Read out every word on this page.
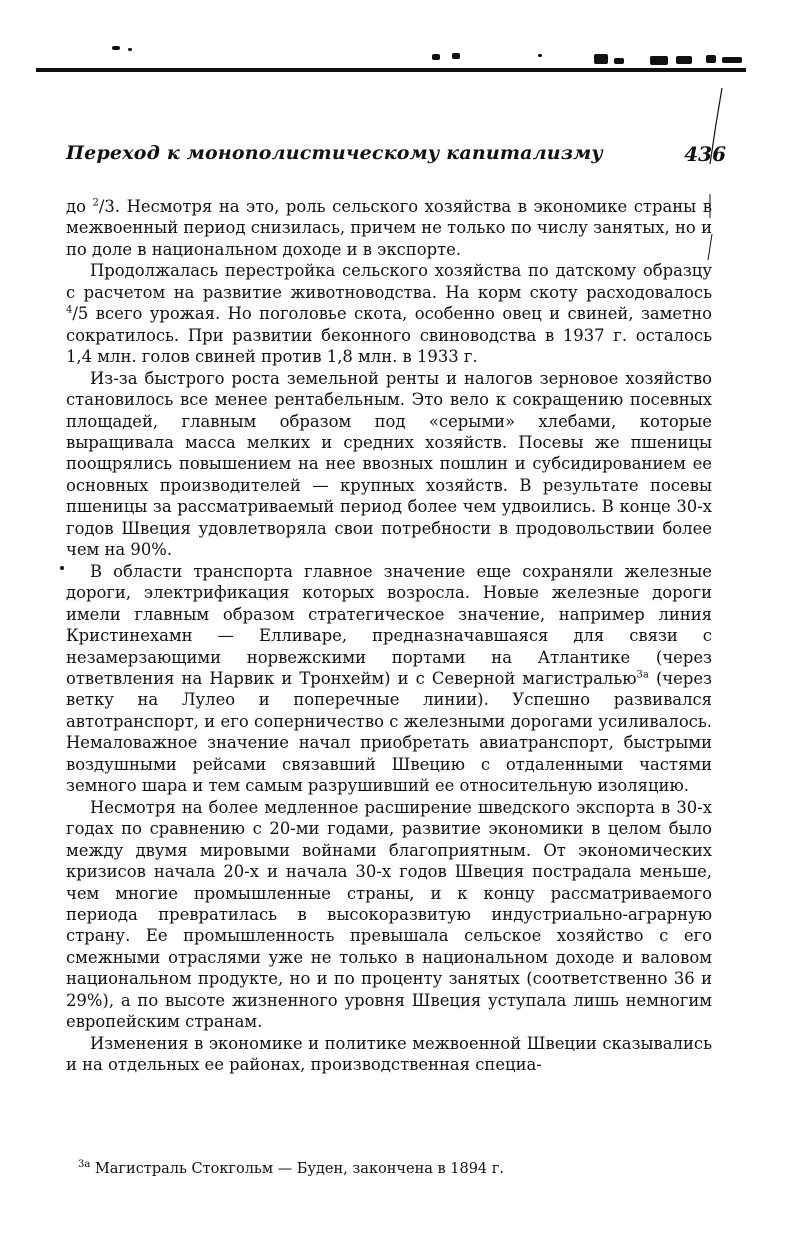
Переход к монополистическому капитализму	436

до $^2$/3. Несмотря на это, роль сельского хозяйства в экономике страны в межвоенный период снизилась, причем не только по числу занятых, но и по доле в национальном доходе и в экспорте.

Продолжалась перестройка сельского хозяйства по датскому образцу с расчетом на развитие животноводства. На корм скоту расходовалось $^4$/5 всего урожая. Но поголовье скота, особенно овец и свиней, заметно сократилось. При развитии беконного свиноводства в 1937 г. осталось 1,4 млн. голов свиней против 1,8 млн. в 1933 г.

Из-за быстрого роста земельной ренты и налогов зерновое хозяйство становилось все менее рентабельным. Это вело к сокращению посевных площадей, главным образом под «серыми» хлебами, которые выращивала масса мелких и средних хозяйств. Посевы же пшеницы поощрялись повышением на нее ввозных пошлин и субсидированием ее основных производителей — крупных хозяйств. В результате посевы пшеницы за рассматриваемый период более чем удвоились. В конце 30-х годов Швеция удовлетворяла свои потребности в продовольствии более чем на 90%.

В области транспорта главное значение еще сохраняли железные дороги, электрификация которых возросла. Новые железные дороги имели главным образом стратегическое значение, например линия Кристинехамн — Елливаре, предназначавшаяся для связи с незамерзающими норвежскими портами на Атлантике (через ответвления на Нарвик и Тронхейм) и с Северной магистралью$^{3а}$ (через ветку на Лулео и поперечные линии). Успешно развивался автотранспорт, и его соперничество с железными дорогами усиливалось. Немаловажное значение начал приобретать авиатранспорт, быстрыми воздушными рейсами связавший Швецию с отдаленными частями земного шара и тем самым разрушивший ее относительную изоляцию.

Несмотря на более медленное расширение шведского экспорта в 30-х годах по сравнению с 20-ми годами, развитие экономики в целом было между двумя мировыми войнами благоприятным. От экономических кризисов начала 20-х и начала 30-х годов Швеция пострадала меньше, чем многие промышленные страны, и к концу рассматриваемого периода превратилась в высокоразвитую индустриально-аграрную страну. Ее промышленность превышала сельское хозяйство с его смежными отраслями уже не только в национальном доходе и валовом национальном продукте, но и по проценту занятых (соответственно 36 и 29%), а по высоте жизненного уровня Швеция уступала лишь немногим европейским странам.

Изменения в экономике и политике межвоенной Швеции сказывались и на отдельных ее районах, производственная специа-

$^{3а}$ Магистраль Стокгольм — Буден, закончена в 1894 г.
